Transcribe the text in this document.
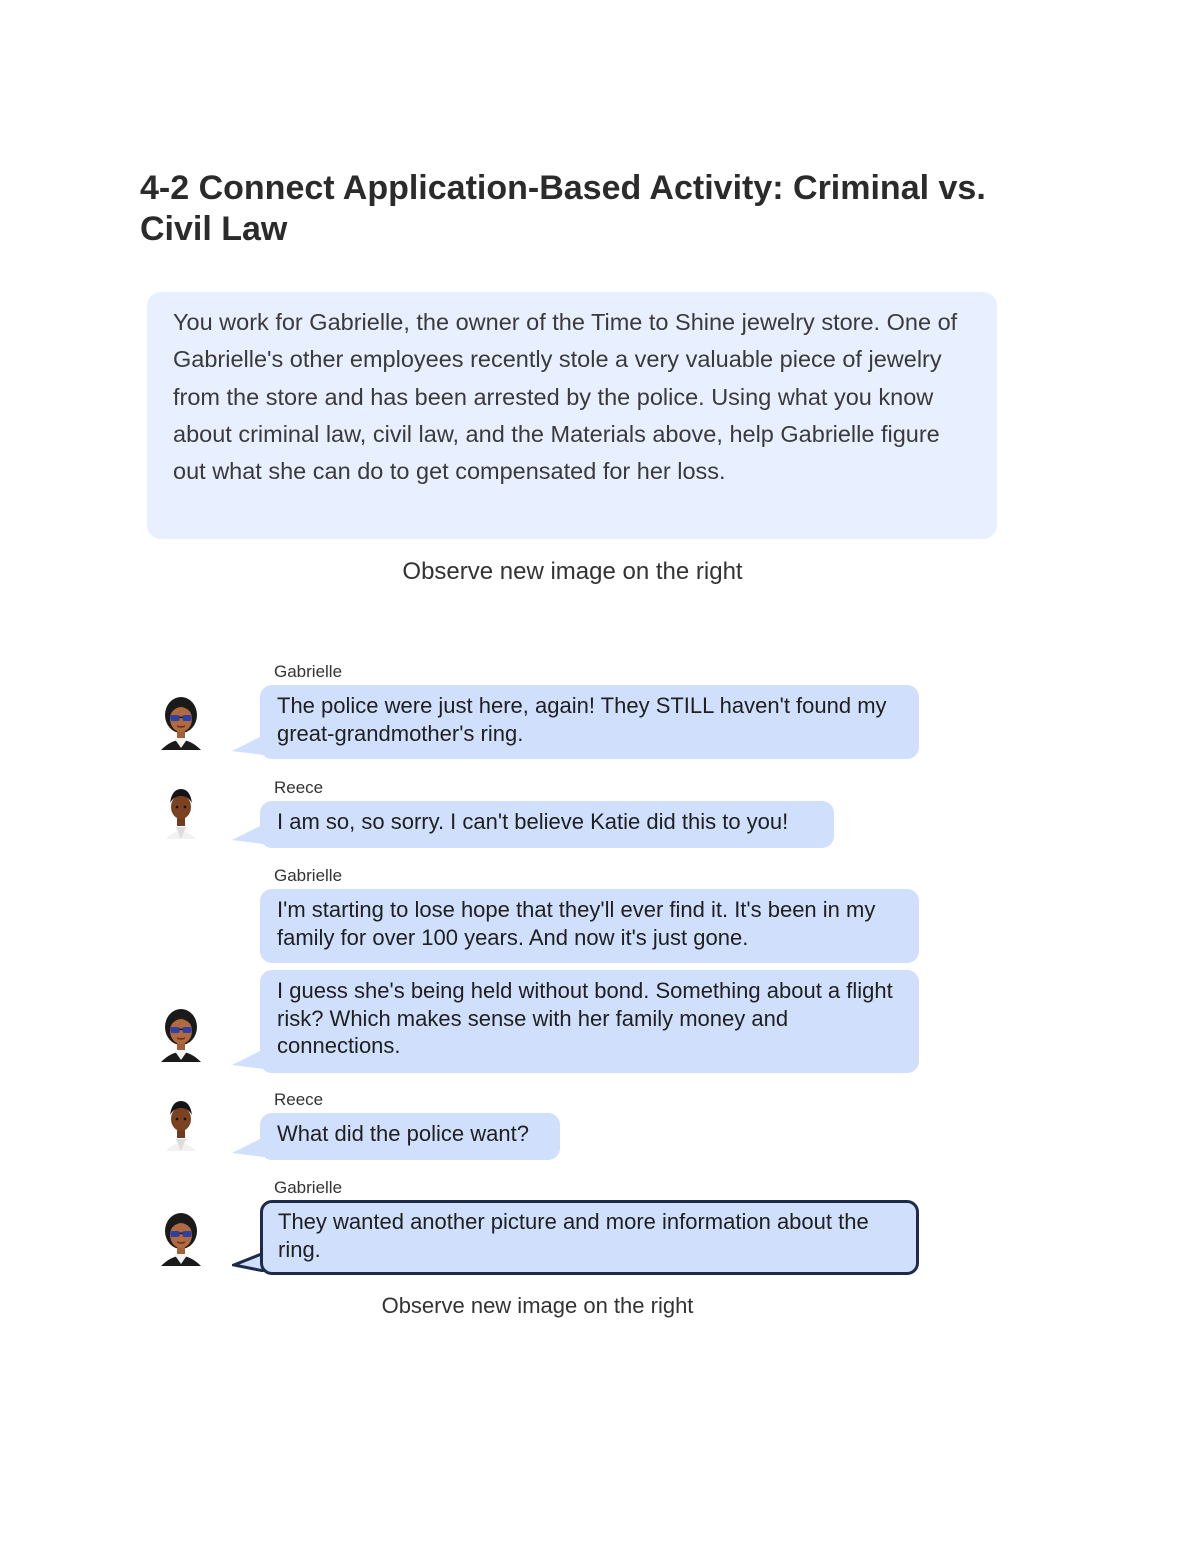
4-2 Connect Application-Based Activity: Criminal vs. Civil Law

You work for Gabrielle, the owner of the Time to Shine jewelry store. One of Gabrielle's other employees recently stole a very valuable piece of jewelry from the store and has been arrested by the police. Using what you know about criminal law, civil law, and the Materials above, help Gabrielle figure out what she can do to get compensated for her loss.

Observe new image on the right
Gabrielle
The police were just here, again! They STILL haven't found my great-grandmother's ring.
Reece
I am so, so sorry. I can't believe Katie did this to you!
Gabrielle
I'm starting to lose hope that they'll ever find it. It's been in my family for over 100 years. And now it's just gone.
I guess she's being held without bond. Something about a flight risk? Which makes sense with her family money and connections.
Reece
What did the police want?
Gabrielle
They wanted another picture and more information about the ring.
Observe new image on the right
